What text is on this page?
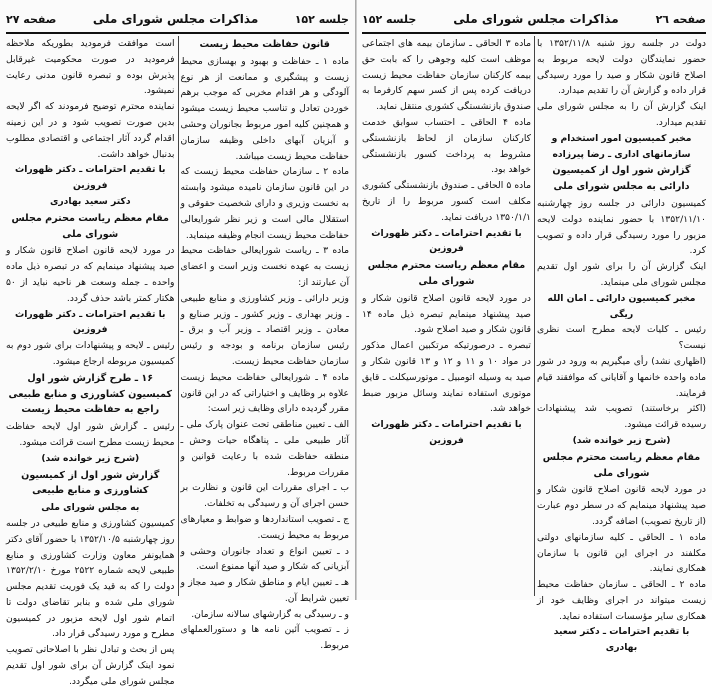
جلسه ۱۵۲
مذاکرات مجلس شورای ملی
صفحه ٢٧

قانون حفاظت محیط زیست

ماده ۱ ـ حفاظت و بهبود و بهسازی محیط زیست و پیشگیری و ممانعت از هر نوع آلودگی و هر اقدام مخربی که موجب برهم خوردن تعادل و تناسب محیط زیست میشود و همچنین کلیه امور مربوط بجانوران وحشی و آبزیان آبهای داخلی وظیفه سازمان حفاظت محیط زیست میباشد.

ماده ۲ ـ سازمان حفاظت محیط زیست که در این قانون سازمان نامیده میشود وابسته به نخست وزیری و دارای شخصیت حقوقی و استقلال مالی است و زیر نظر شورایعالی حفاظت محیط زیست انجام وظیفه مینماید.

ماده ۳ ـ ریاست شورایعالی حفاظت محیط زیست به عهده نخست وزیر است و اعضای آن عبارتند از:

وزیر دارائی ـ وزیر کشاورزی و منابع طبیعی ـ وزیر بهداری ـ وزیر کشور ـ وزیر صنایع و معادن ـ وزیر اقتصاد ـ وزیر آب و برق ـ رئیس سازمان برنامه و بودجه و رئیس سازمان حفاظت محیط زیست.

ماده ۴ ـ شورایعالی حفاظت محیط زیست علاوه بر وظایف و اختیاراتی که در این قانون مقرر گردیده دارای وظایف زیر است:

الف ـ تعیین مناطقی تحت عنوان پارک ملی ـ آثار طبیعی ملی ـ پناهگاه حیات وحش ـ منطقه حفاظت شده با رعایت قوانین و مقررات مربوط.

ب ـ اجرای مقررات این قانون و نظارت بر حسن اجرای آن و رسیدگی به تخلفات.

ج ـ تصویب استانداردها و ضوابط و معیارهای مربوط به محیط زیست.

د ـ تعیین انواع و تعداد جانوران وحشی و آبزیانی که شکار و صید آنها ممنوع است.

هـ ـ تعیین ایام و مناطق شکار و صید مجاز و تعیین شرایط آن.

و ـ رسیدگی به گزارشهای سالانه سازمان.

ز ـ تصویب آئین نامه ها و دستورالعملهای مربوط.

است موافقت فرمودید بطوریکه ملاحظه فرمودید در صورت محکومیت غیرقابل پذیرش بوده و تبصره قانون مدنی رعایت نمیشود.

نماینده محترم توضیح فرمودند که اگر لایحه بدین صورت تصویب شود و در این زمینه اقدام گردد آثار اجتماعی و اقتصادی مطلوب بدنبال خواهد داشت.

با تقدیم احترامات ـ دکتر ظهوراث فروزین

دکتر سعید بهادری

مقام معظم ریاست محترم مجلس شورای ملی

در مورد لایحه قانون اصلاح قانون شکار و صید پیشنهاد مینمایم که در تبصره ذیل ماده واحده ـ جمله وسعت هر ناحیه نباید از ۵۰ هکتار کمتر باشد حذف گردد.

با تقدیم احترامات ـ دکتر ظهوراث فروزین

رئیس ـ لایحه و پیشنهادات برای شور دوم به کمیسیون مربوطه ارجاع میشود.

۱۶ ـ طرح گزارش شور اول کمیسیون کشاورزی و منابع طبیعی راجع به حفاظت محیط زیست

رئیس ـ گزارش شور اول لایحه حفاظت محیط زیست مطرح است قرائت میشود.

(شرح زیر خوانده شد)

گزارش شور اول از کمیسیون کشاورزی و منابع طبیعی

به مجلس شورای ملی

کمیسیون کشاورزی و منابع طبیعی در جلسه روز چهارشنبه ۱۳۵۲/۱۰/۵ با حضور آقای دکتر همایونفر معاون وزارت کشاورزی و منابع طبیعی لایحه شماره ۲۵۲۲ مورخ ۱۳۵۲/۲/۱۰ دولت را که به قید یک فوریت تقدیم مجلس شورای ملی شده و بنابر تقاضای دولت تا اتمام شور اول لایحه مزبور در کمیسیون مطرح و مورد رسیدگی قرار داد.

پس از بحث و تبادل نظر با اصلاحاتی تصویب نمود اینک گزارش آن برای شور اول تقدیم مجلس شورای ملی میگردد.

صفحه ٢٦
مذاکرات مجلس شورای ملی
جلسه ۱۵۲

دولت در جلسه روز شنبه ۱۳۵۲/۱۱/۸ با حضور نمایندگان دولت لایحه مربوط به اصلاح قانون شکار و صید را مورد رسیدگی قرار داده و گزارش آن را تقدیم میدارد.

اینک گزارش آن را به مجلس شورای ملی تقدیم میدارد.

مخبر کمیسیون امور استخدام و سازمانهای اداری ـ رضا پیرزاده

گزارش شور اول از کمیسیون دارائی به مجلس شورای ملی

کمیسیون دارائی در جلسه روز چهارشنبه ۱۳۵۲/۱۱/۱۰ با حضور نماینده دولت لایحه مزبور را مورد رسیدگی قرار داده و تصویب کرد.

اینک گزارش آن را برای شور اول تقدیم مجلس شورای ملی مینماید.

مخبر کمیسیون دارائی ـ امان الله ریگی

رئیس ـ کلیات لایحه مطرح است نظری نیست؟

(اظهاری نشد) رأی میگیریم به ورود در شور ماده واحده خانمها و آقایانی که موافقند قیام فرمایند.

(اکثر برخاستند) تصویب شد پیشنهادات رسیده قرائت میشود.

(شرح زیر خوانده شد)

مقام معظم ریاست محترم مجلس شورای ملی

در مورد لایحه قانون اصلاح قانون شکار و صید پیشنهاد مینمایم که در سطر دوم عبارت (از تاریخ تصویب) اضافه گردد.

ماده ۱ ـ الحاقی ـ کلیه سازمانهای دولتی مکلفند در اجرای این قانون با سازمان همکاری نمایند.

ماده ۲ ـ الحاقی ـ سازمان حفاظت محیط زیست میتواند در اجرای وظایف خود از همکاری سایر مؤسسات استفاده نماید.

با تقدیم احترامات ـ دکتر سعید بهادری

ماده ۳ الحاقی ـ سازمان بیمه های اجتماعی موظف است کلیه وجوهی را که بابت حق بیمه کارکنان سازمان حفاظت محیط زیست دریافت کرده پس از کسر سهم کارفرما به صندوق بازنشستگی کشوری منتقل نماید.

ماده ۴ الحاقی ـ احتساب سوابق خدمت کارکنان سازمان از لحاظ بازنشستگی مشروط به پرداخت کسور بازنشستگی خواهد بود.

ماده ۵ الحاقی ـ صندوق بازنشستگی کشوری مکلف است کسور مربوط را از تاریخ ۱۳۵۰/۱/۱ دریافت نماید.

با تقدیم احترامات ـ دکتر ظهوراث فروزین

مقام معظم ریاست محترم مجلس شورای ملی

در مورد لایحه قانون اصلاح قانون شکار و صید پیشنهاد مینمایم تبصره ذیل ماده ۱۴ قانون شکار و صید اصلاح شود.

تبصره ـ درصورتیکه مرتکبین اعمال مذکور در مواد ۱۰ و ۱۱ و ۱۲ و ۱۳ قانون شکار و صید به وسیله اتومبیل ـ موتورسیکلت ـ قایق موتوری استفاده نمایند وسائل مزبور ضبط خواهد شد.

با تقدیم احترامات ـ دکتر ظهوراث فروزین
